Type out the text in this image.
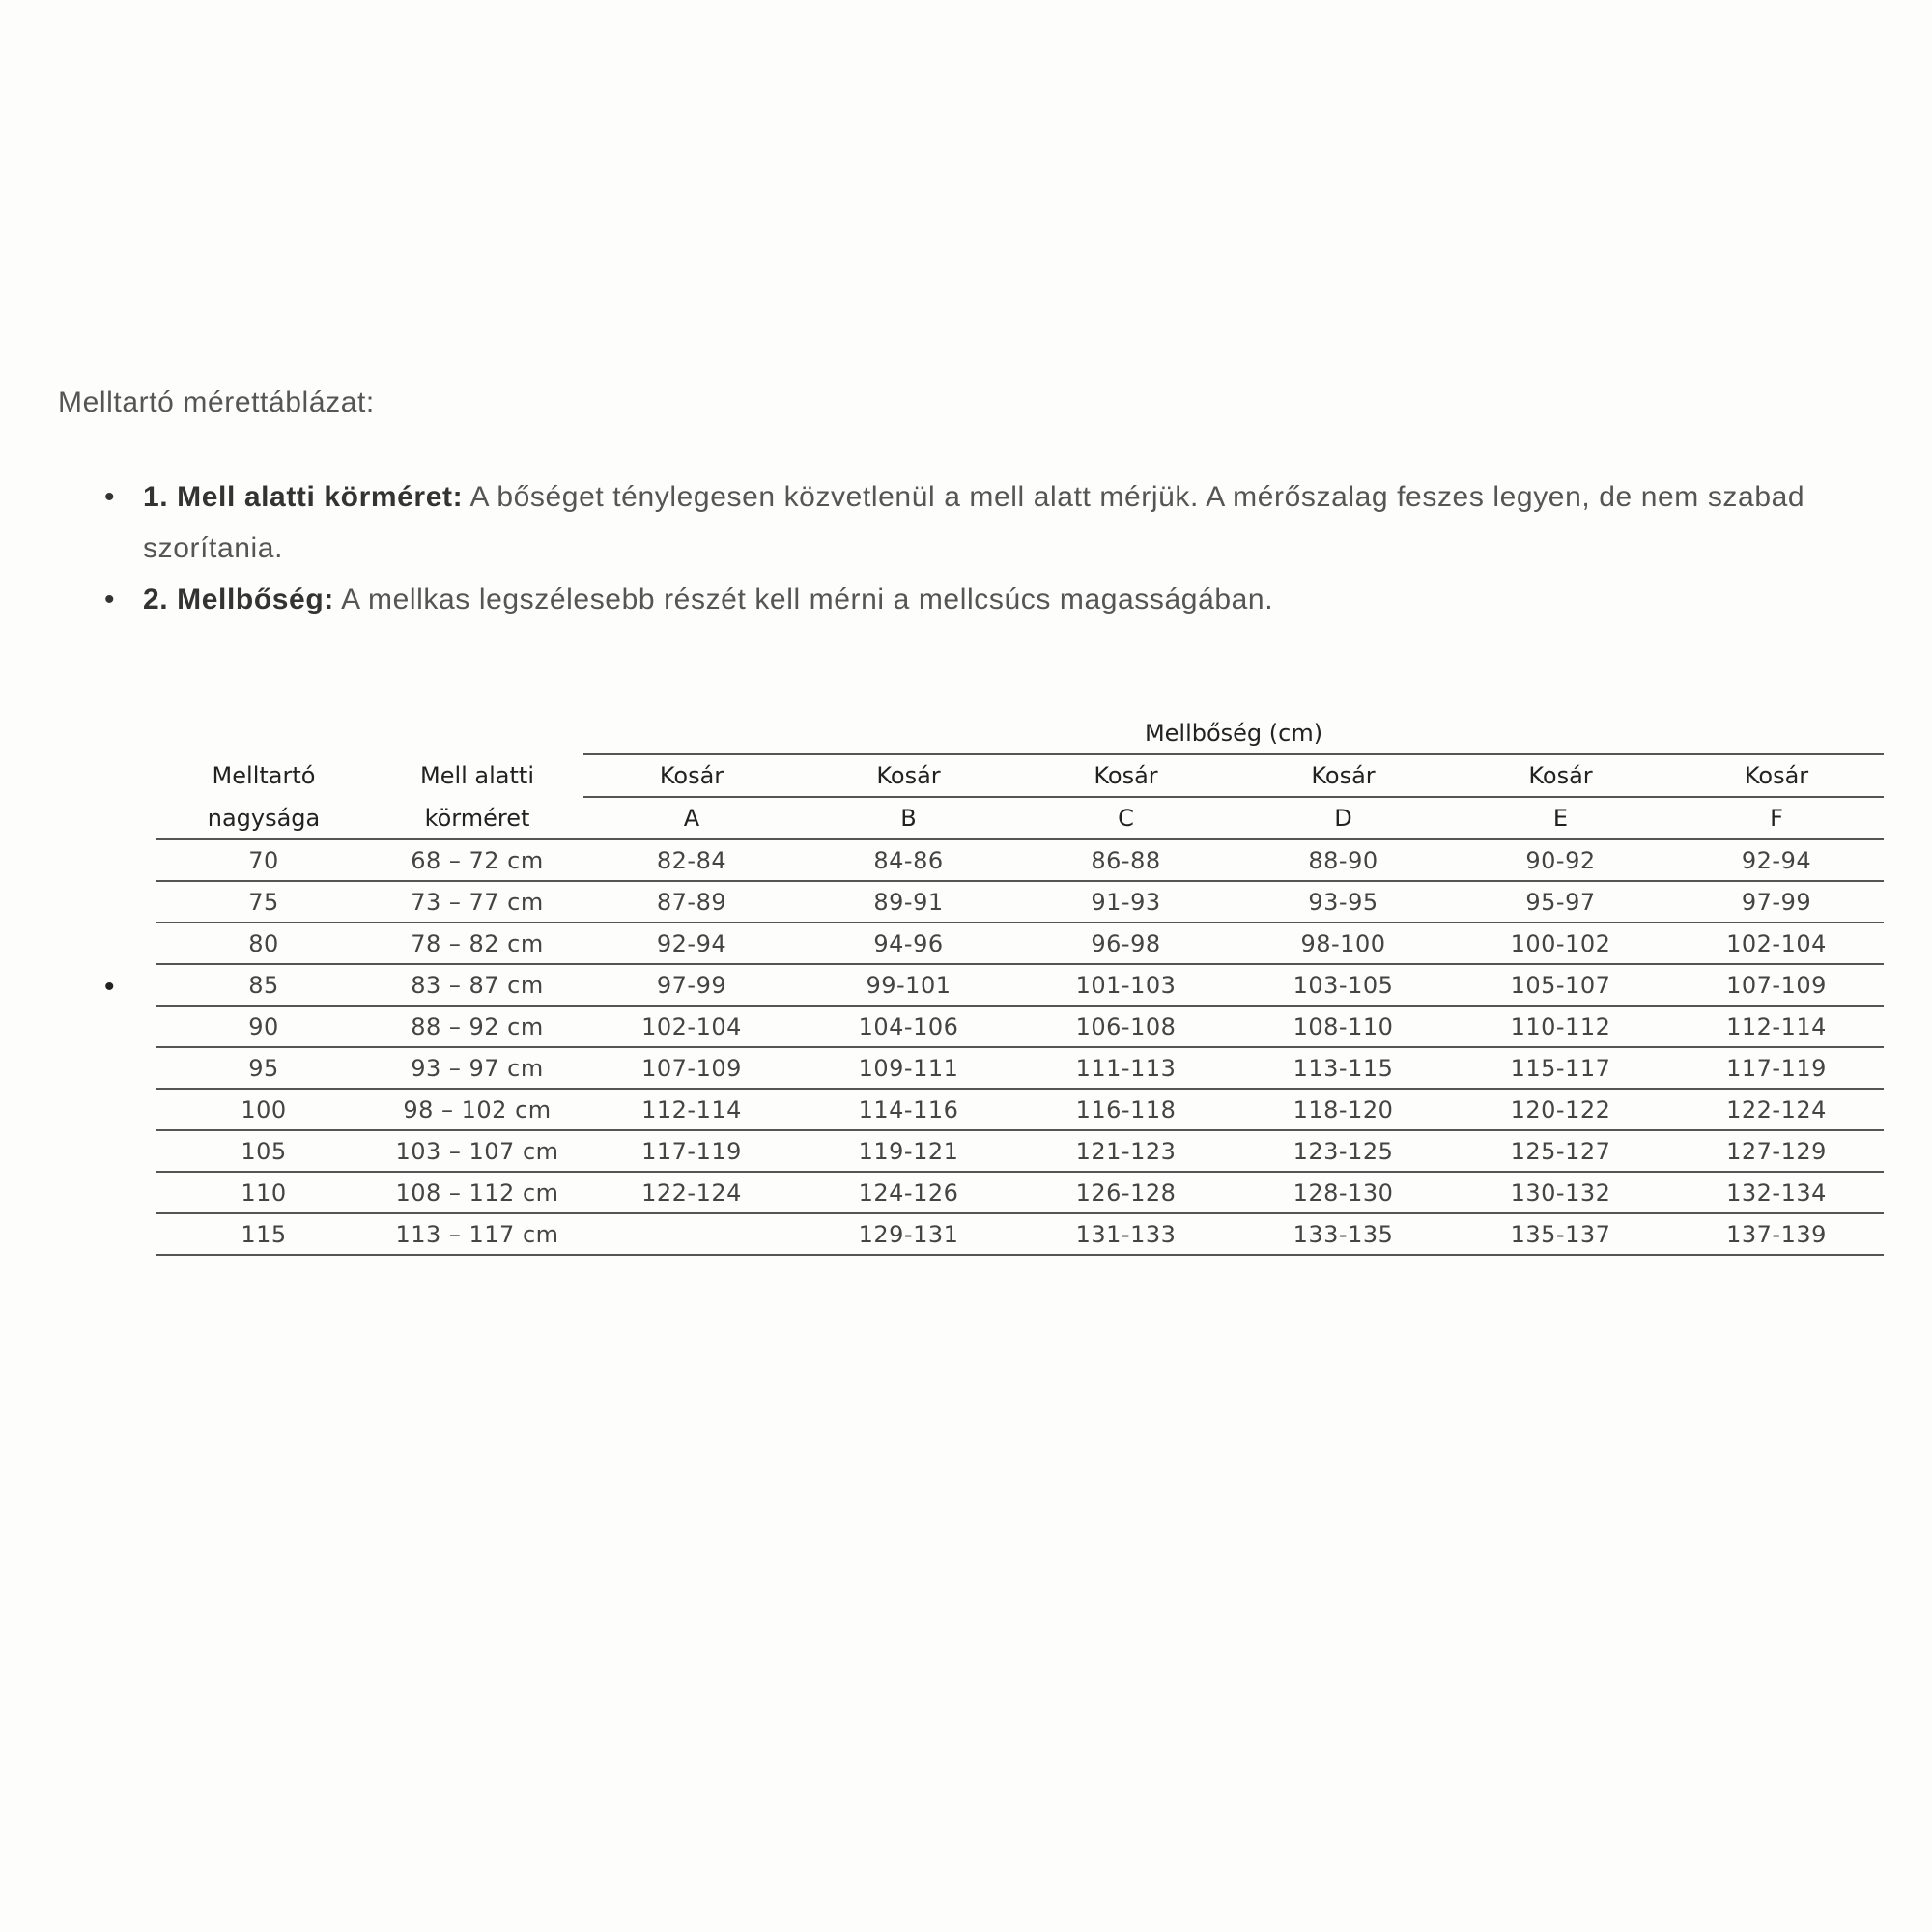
Melltartó mérettáblázat:

• 1. Mell alatti körméret: A bőséget ténylegesen közvetlenül a mell alatt mérjük. A mérőszalag feszes legyen, de nem szabad szorítania.
• 2. Mellbőség: A mellkas legszélesebb részét kell mérni a mellcsúcs magasságában.
•
		Mellbőség (cm)					
Melltartó	Mell alatti	Kosár	Kosár	Kosár	Kosár	Kosár	Kosár
nagysága	körméret	A	B	C	D	E	F
70	68 – 72 cm	82-84	84-86	86-88	88-90	90-92	92-94
75	73 – 77 cm	87-89	89-91	91-93	93-95	95-97	97-99
80	78 – 82 cm	92-94	94-96	96-98	98-100	100-102	102-104
85	83 – 87 cm	97-99	99-101	101-103	103-105	105-107	107-109
90	88 – 92 cm	102-104	104-106	106-108	108-110	110-112	112-114
95	93 – 97 cm	107-109	109-111	111-113	113-115	115-117	117-119
100	98 – 102 cm	112-114	114-116	116-118	118-120	120-122	122-124
105	103 – 107 cm	117-119	119-121	121-123	123-125	125-127	127-129
110	108 – 112 cm	122-124	124-126	126-128	128-130	130-132	132-134
115	113 – 117 cm		129-131	131-133	133-135	135-137	137-139
